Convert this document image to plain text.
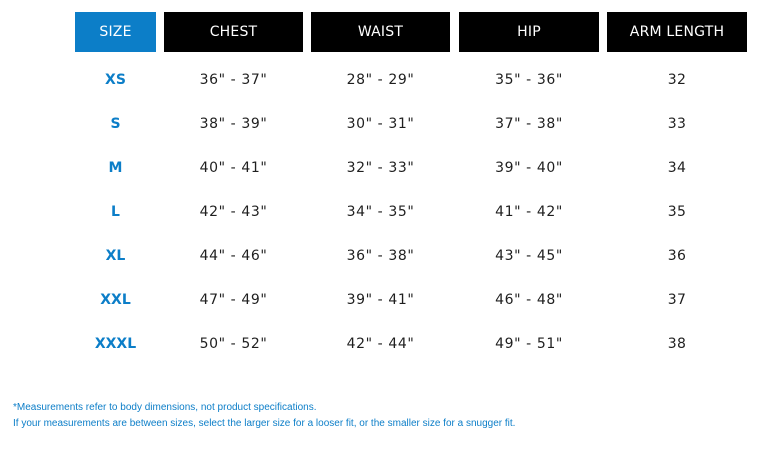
SIZE	CHEST	WAIST	HIP	ARM LENGTH
XS	36" - 37"	28" - 29"	35" - 36"	32
S	38" - 39"	30" - 31"	37" - 38"	33
M	40" - 41"	32" - 33"	39" - 40"	34
L	42" - 43"	34" - 35"	41" - 42"	35
XL	44" - 46"	36" - 38"	43" - 45"	36
XXL	47" - 49"	39" - 41"	46" - 48"	37
XXXL	50" - 52"	42" - 44"	49" - 51"	38
*Measurements refer to body dimensions, not product specifications.
If your measurements are between sizes, select the larger size for a looser fit, or the smaller size for a snugger fit.
